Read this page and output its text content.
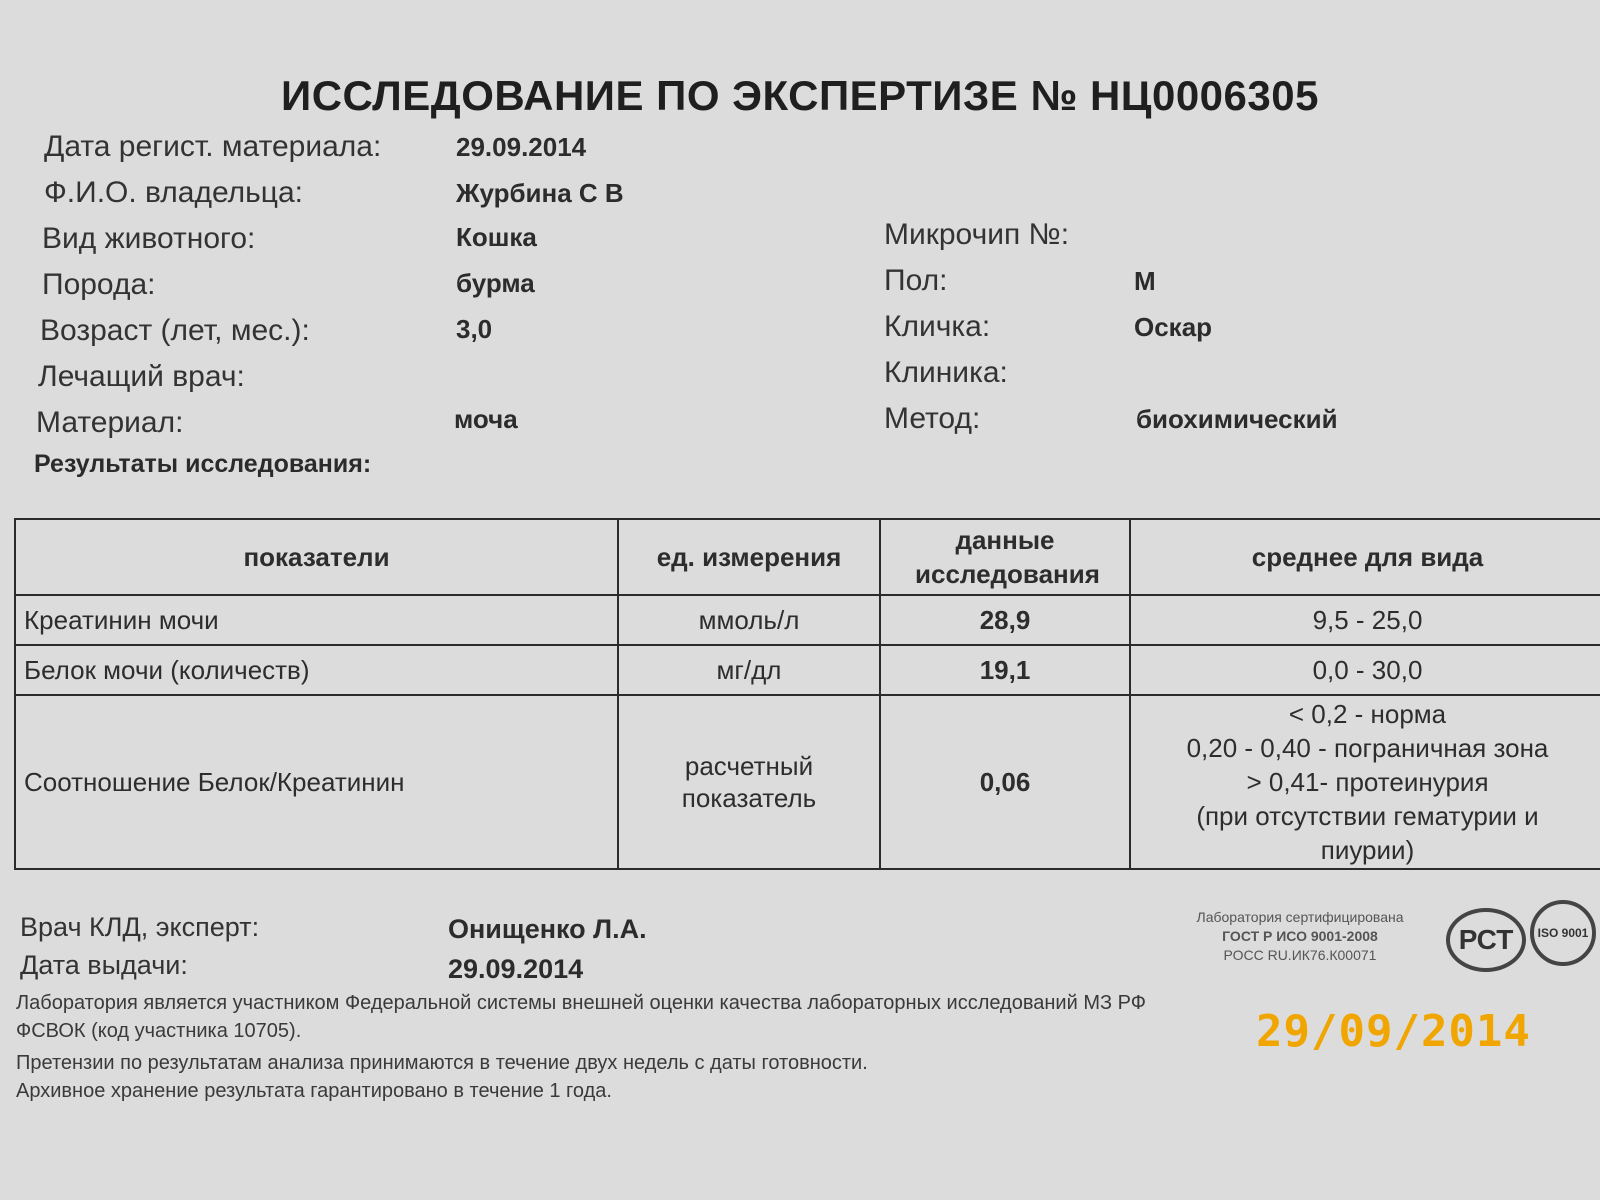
ИССЛЕДОВАНИЕ ПО ЭКСПЕРТИЗЕ № НЦ0006305
Дата регист. материала:	29.09.2014
Ф.И.О. владельца:	Журбина С В
Вид животного:	Кошка
Порода:	бурма
Возраст (лет, мес.):	3,0
Лечащий врач:
Материал:	моча
Микрочип №:
Пол:	М
Кличка:	Оскар
Клиника:
Метод:	биохимический
Результаты исследования:
показатели	ед. измерения	данные исследования	среднее для вида
Креатинин мочи	ммоль/л	28,9	9,5 - 25,0
Белок мочи (количеств)	мг/дл	19,1	0,0 - 30,0
Соотношение Белок/Креатинин	расчетный показатель	0,06	< 0,2 - норма
0,20 - 0,40 - пограничная зона
> 0,41- протеинурия
(при отсутствии гематурии и
пиурии)
Врач КЛД, эксперт:	Онищенко Л.А.
Дата выдачи:	29.09.2014
Лаборатория сертифицирована
ГОСТ Р ИСО 9001-2008
РОСС RU.ИК76.К00071	РСТ	ISO 9001
Лаборатория является участником Федеральной системы внешней оценки качества лабораторных исследований МЗ РФ
ФСВОК (код участника 10705).
Претензии по результатам анализа принимаются в течение двух недель с даты готовности.
Архивное хранение результата гарантировано в течение 1 года.
29/09/2014
